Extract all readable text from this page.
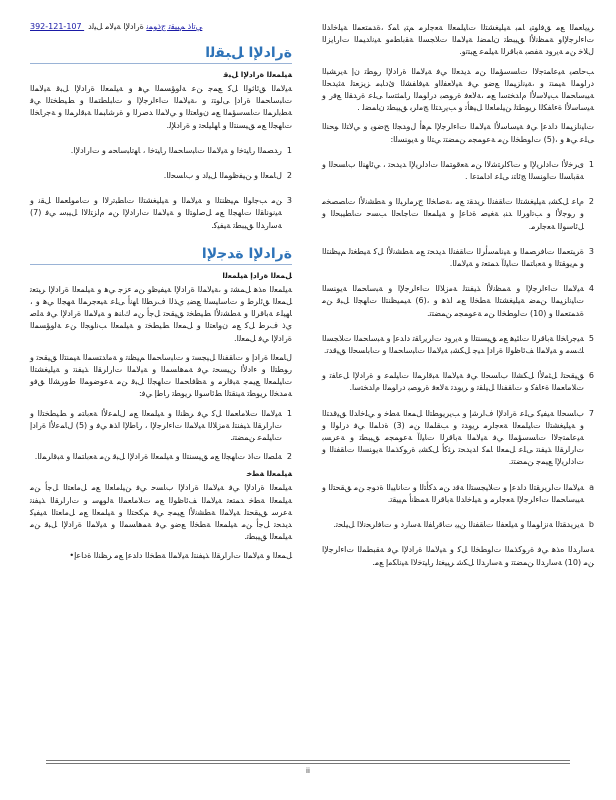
ﺮﻴﻳﺎﻌﻤﻟﺍ ﻊﻣ ﻖﻓﺍﻮﺘﻳ ﺎﻤﺑ ﺔﻴﻠﻴﻐﺸﺘﻟﺍ ﺕﺎﻴﻠﻤﻌﻟﺍ ﺔﻌﺟﺍﺮﻣ ﻢﺘﻳ ﺎﻤﻛ ،ﺓﺪﻤﺘﻌﻤﻟﺍ ﺔﻴﻠﺧﺍﺪﻟﺍ ﺕﺍﺀﺍﺮﺟﻹﺍﻭ ﺔﻤﻈﻧﻷﺍ ﻖﻴﺒﻄﺗ ﻥﺎﻤﻀﻟ ﺔﻴﻟﺎﻤﻟﺍ ﺕﻼﺠﺴﻟﺍ ﺔﻘﺑﺎﻄﻣﻭ ﺔﻴﻧﺍﺪﻴﻤﻟﺍ ﺕﺍﺭﺎﻳﺰﻟﺍ ﻝﻼﺧ ﻦﻣ ﺔﻳﺭﻭﺩ ﺔﻔﺼﺑ ﺔﺑﺎﻗﺮﻟﺍ ﺔﻴﻠﻤﻋ ﻊﺒﺘﺗﻭ.

ﺐﺣﺎﺼﻳ ﺔﻴﻋﺎﻤﺘﺟﻻﺍ ﺕﺎﺴﺳﺆﻤﻟﺍ ﻦﻣ ﺪﻳﺪﻌﻟﺍ ﻲﻓ ﺔﻴﻟﺎﻤﻟﺍ ﺓﺭﺍﺩﻹﺍ ﺭﻮﻄﺗ ﻥﺇ ﺔﻳﺮﺸﺒﻟﺍ ﺩﺭﺍﻮﻤﻟﺍ ﺔﻴﻤﻨﺗ ﻭ ،ﺔﻴﻧﺍﺰﻴﻤﻟﺍ ﻊﺿﻭ ﻲﻓ ﺔﻴﻟﺎﻌﻔﻟﺍﻭ ﺔﻴﻓﺎﻔﺸﻟﺍ ﺉﺩﺎﺒﻣ ﺰﻳﺰﻌﺘﻟ ﺔﺜﻳﺪﺤﻟﺍ ﺔﻴﺒﺳﺎﺤﻤﻟﺍ ﺐﻴﻟﺎﺳﻷﺍ ﻡﺍﺪﺨﺘﺳﺍ ﻊﻣ ،ﺔﻟﺎﻌﻓ ﺓﺭﻮﺼﺑ ﺩﺭﺍﻮﻤﻟﺍ ﺭﺎﻤﺜﺘﺳﺍ ﻰﻠﻋ ﺓﺭﺪﻘﻟﺍ ﻊﻓﺭ ﻭ ﺔﻴﺳﺎﺳﻷﺍ ﺓﺀﺎﻔﻜﻟﺍ ﺮﻳﻮﻄﺘﻟ ﻦﻴﻠﻣﺎﻌﻟﺍ ﻞﻴﻫﺄﺗ ﻭ ﺐﻳﺭﺪﺘﻟﺍ ﺞﻣﺍﺮﺑ ﻖﻴﺒﻄﺗ ﻥﺎﻤﻀﻟ .

ﺕﺎﻴﻧﺍﺰﻴﻤﻟﺍ ﺩﺍﺪﻋﺇ ﻲﻓ ﺔﻴﺳﺎﺳﻷﺍ ﺔﻴﻟﺎﻤﻟﺍ ﺕﺍﺀﺍﺮﺟﻹﺍ ﻢﻫﺃ ﻝﻭﺪﺠﻟﺍ ﺢﺿﻮﻳ ﻭ ﻲﻟﺎﺘﻟﺍ ﻮﺤﻨﻟﺍ ﻰﻠﻋ ﻲﻫ ﻭ ،(5) ﺕﺍﻮﻄﺨﻟﺍ ﻦﻣ ﺔﻋﻮﻤﺠﻣ ﻦﻤﻀﺘﺗ ﻲﺘﻟﺍ ﻭ ﺔﻳﻮﻨﺴﻟﺍ:

1
ﻯﺮﺧﻷﺍ ﺕﺍﺩﺍﺮﻳﻹﺍ ﻭ ﺕﺎﻛﺍﺮﺘﺷﻻﺍ ﻦﻣ ﺔﻌﻗﻮﺘﻤﻟﺍ ﺕﺍﺩﺍﺮﻳﻹﺍ ﺪﻳﺪﺤﺗ ، ﻲﺋﺎﻬﻨﻟﺍ ﺏﺎﺴﺤﻟﺍ ﻭ ﺔﻘﺑﺎﺴﻟﺍ ﺕﺍﻮﻨﺴﻟﺍ ﺞﺋﺎﺘﻧ ﻰﻠﻋ ﺍﺩﺎﻤﺘﻋﺍ .
2
ﻡﺎﻋ ﻞﻜﺸﺑ ﺔﻴﻠﻴﻐﺸﺘﻟﺍ ﺕﺎﻘﻔﻨﻟﺍ ﺮﻳﺪﻘﺗ ﻊﻣ ،ﺔﺻﺎﺨﻟﺍ ﺝﺮﻣﺍﺮﺒﻟﺍ ﻭ ﺔﻄﺸﻧﻷﺍ ﺕﺎﺼﺼﺨﻣ ﻭ ﺭﻮﺟﻷﺍ ﻭ ﺐﺗﺍﻭﺮﻟﺍ ﺪﻨﺑ ﺔﻐﻴﺻ ﺓﺩﺎﻋﺇ ﻭ ﺔﻴﻠﻤﻌﻟﺍ ﺕﺎﺟﺎﺤﻟﺍ ﺐﺴﺣ ﺕﺎﻄﻴﺒﺤﻟﺍ ﻭ ﻞﺋﺎﺳﻮﻟﺍ ﺔﻌﺟﺍﺮﻣ.
3
ﺓﺮﺒﺘﻌﻤﻟﺍ ﺕﺎﻓﺮﺼﻤﻟﺍ ﻭ ﺔﻴﻧﺎﻤﺳﺃﺮﻟﺍ ﺕﺎﻘﻔﻨﻟﺍ ﺪﻳﺪﺤﺗ ﻊﻣ ﺔﻄﺸﻧﻷﺍ ﻞﻛ ﺔﻴﻄﻐﺘﻟ ﻢﻴﻈﻨﺘﻟﺍ ﻭ ﻢﻳﻮﻘﺘﻟﺍ ﻭ ﺔﻌﺑﺎﺘﻤﻟﺍ ﺕﺎﻴﻟﺁ ﺪﻤﺘﻌﺗ ﻭ ﺔﻴﻟﺎﻤﻟﺍ.
4
ﺔﻴﻟﺎﻤﻟﺍ ﺕﺍﺀﺍﺮﺟﻹﺍ ﻭ ﺔﻤﻈﻧﻷﺍ ﺬﻴﻔﻨﺘﻟ ﺔﻣﺯﻼﻟﺍ ﺕﺍﺀﺍﺮﺟﻹﺍ ﻭ ﺔﺒﺳﺎﺤﻤﻟﺍ ﺔﻳﻮﻨﺴﻟﺍ ﺕﺎﻴﻧﺍﺰﻴﻤﻟﺍ ﻦﻤﺿ ﺔﻴﻠﻴﻐﺸﺘﻟﺍ ﺔﻄﺨﻟﺍ ﻊﻣ ﺍﺬﻫ ﻭ ،(6) ﺔﻴﻤﻴﻈﻨﺘﻟﺍ ﺕﺎﻬﺠﻟﺍ ﻞﺒﻗ ﻦﻣ ﺓﺪﻤﺘﻌﻤﻟﺍ ﻭ (10) ﺕﺍﻮﻄﺨﻟﺍ ﻦﻣ ﺔﻋﻮﻤﺠﻣ ﻦﻤﻀﺘﺗ.
5
ﺔﻴﺟﺭﺎﺨﻟﺍ ﺔﺑﺎﻗﺮﻟﺍ ﺕﺎﺌﻴﻫ ﻊﻣ ﻖﻴﺴﻨﺘﻟﺍ ﻭ ﺔﻳﺭﻭﺩ ﺕﺍﺮﻳﺭﺎﻘﺗ ﺩﺍﺪﻋﺇ ﻭ ﺔﺒﺳﺎﺤﻤﻟﺍ ﺕﻼﺠﺴﻟﺍ ﻚﺴﻣ ﻭ ﺔﻴﻟﺎﻤﻟﺍ ﻒﺋﺎﻇﻮﻟﺍ ﺓﺭﺍﺩﺇ ﺪﻴﺟ ﻞﻜﺸﺑ ﺔﻴﻟﺎﻤﻟﺍ ﺕﺎﺒﺳﺎﺤﻤﻟﺍ ﻭ ﺕﺎﺑﺎﺴﺤﻟﺍ ﻖﻴﻗﺪﺗ.
6
ﻖﻴﻘﺤﺘﻟ ﻞﺜﻣﻷﺍ ﻞﻜﺸﻟﺍ ﺏﺎﺴﺤﻟﺍ ﻲﻓ ﺔﻴﻟﺎﻤﻟﺍ ﺔﺒﻗﺍﺮﻤﻟﺍ ﺕﺎﻴﻠﻤﻋ ﻭ ﺓﺭﺍﺩﻹﺍ ﻞﻋﺎﻔﺗ ﻭ ﺕﻼﻣﺎﻌﻤﻟﺍ ﺓﺀﺎﻔﻛ ﻭ ﺕﺎﻘﻔﻨﻟﺍ ﻞﻴﻠﻘﺗ ﻭ ﺮﻳﻭﺪﺗ ﺔﻟﺎﻌﻓ ﺓﺭﻮﺼﺑ ﺩﺭﺍﻮﻤﻟﺍ ﻡﺍﺪﺨﺘﺳﺍ.
7
ﺏﺎﺴﺤﻟﺍ ﺔﻴﻔﻴﻛ ﻰﻠﻋ ﺓﺭﺍﺩﻹﺍ ﻑﺍﺮﺷﺇ ﻭ ﺐﻳﺮﻳﻮﻄﺘﻟﺍ ﻞﻤﻌﻟﺍ ﺔﻄﺧ ﻭ ﻲﻠﺧﺍﺪﻟﺍ ﻖﻴﻗﺪﺘﻟﺍ ﻭ ﺔﻴﻠﻴﻐﺸﺘﻟﺍ ﺕﺎﻴﻠﻤﻌﻟﺍ ﺔﻌﺟﺍﺮﻣ ﺮﻳﻭﺪﺗ ﻭ ﺐﻘﻠﻤﻟﺍ ﻦﻣ (3) ﺓﺩﺎﻤﻟﺍ ﻲﻓ ﺩﺭﺍﻮﻟﺍ ﻭ ﺔﻴﻋﺎﻤﺘﺟﻻﺍ ﺕﺎﺴﺳﺆﻤﻟﺍ ﻲﻓ ﺔﻴﻟﺎﻤﻟﺍ ﺔﺑﺎﻗﺮﻟﺍ ﺕﺎﻴﻟﺁ ﺔﻋﻮﻤﺠﻣ ﻖﻴﺒﻄﺗ ﻭ ﺔﻋﺮﺴﺑ ﺕﺍﺭﺍﺮﻘﻟﺍ ﺬﻴﻔﻨﺗ ﻰﻠﻋ ﻞﻤﻌﻟﺍ ﺎﻤﻛ ﺍﺪﻳﺪﺤﺗ ﺮﺜﻛﺃ ﻞﻜﺸﺑ ﺓﺭﻮﻛﺬﻤﻟﺍ ﺔﻳﻮﻨﺴﻟﺍ ﺕﺎﻘﻔﻨﻟﺍ ﻭ ﺕﺍﺩﺍﺮﻳﻹﺍ ﻊﻴﻤﺟ ﻦﻤﻀﺘﺗ.
a
ﺔﻴﻟﺎﻤﻟﺍ ﺕﺍﺮﻳﺮﻘﺘﻟﺍ ﺩﺍﺪﻋﺇ ﻭ ﺕﻼﻴﺠﺴﺘﻟﺍ ﺔﻗﺩ ﻦﻣ ﺪﻛﺄﺘﻟﺍ ﻭ ﺕﺎﻧﺎﻴﺒﻟﺍ ﺓﺩﻮﺟ ﻦﻣ ﻖﻘﺤﺘﻟﺍ ﻭ ﺔﻴﺒﺳﺎﺤﻤﻟﺍ ﺕﺍﺀﺍﺮﺟﻹﺍ ﺔﻌﺟﺍﺮﻣ ﻭ ﺔﻴﻠﺧﺍﺪﻟﺍ ﺔﺑﺎﻗﺮﻟﺍ ﺔﻤﻈﻧﺃ ﻢﻴﻴﻘﺗ.
b
ﺔﻳﺮﻳﺪﻘﺘﻟﺍ ﺔﻧﺯﺍﻮﻤﻟﺍ ﻭ ﺔﻴﻠﻌﻔﻟﺍ ﺕﺎﻘﻔﻨﻟﺍ ﻦﻴﺑ ﺕﺎﻗﺭﺎﻔﻟﺍ ﺔﺳﺍﺭﺩ ﻭ ﺕﺎﻓﺍﺮﺤﻧﻻﺍ ﻞﻴﻠﺤﺗ.

ﺔﺳﺍﺭﺪﻟﺍ ﻩﺬﻫ ﻲﻓ ﺓﺭﻮﻛﺬﻤﻟﺍ ﺕﺍﻮﻄﺨﻟﺍ ﻞﻛ ﻭ ﺔﻴﻟﺎﻤﻟﺍ ﺓﺭﺍﺩﻹﺍ ﻲﻓ ﺔﻘﺒﻄﻤﻟﺍ ﺕﺍﺀﺍﺮﺟﻹﺍ ﻦﻣ (10) ﺔﺳﺍﺭﺪﻟﺍ ﻦﻤﻀﺘﺗ ﻭ ﺔﺳﺍﺭﺪﻟﺍ ﻞﻜﺷ ﺮﻴﻴﻐﺘﻟ ﺭﺎﻴﺘﺧﻻﺍ ﺔﻴﻧﺎﻜﻣﺇ ﻊﻣ.

392-121-107 ‏ﻲﺗﺍﺫ ﻢﻴﻴﻘﺗ ﺝﺫﻮﻤﻧ ﺓﺭﺍﺩﻹﺍ ﺔﻴﻟﺎﻣ ﻞﻴﻟﺩ
ﺓﺭﺍﺩﻹﺍ ﻞﺒﻘﻟﺍ
ﺔﻴﻠﻤﻌﻟﺍ ﺓﺭﺍﺩﻹﺍ ﻞﺒﻗ

ﺔﻴﻟﺎﻤﻟﺍ ﻖﺋﺎﺛﻮﻟﺍ ﻞﻛ ﻊﻤﺟ ﻦﻋ ﺔﻟﻭﺆﺴﻤﻟﺍ ﻲﻫ ﻭ ﺔﻴﻠﻤﻌﻟﺍ ﺓﺭﺍﺩﻹﺍ ﻞﺒﻗ ﺔﻴﻟﺎﻤﻟﺍ ﺕﺎﺒﺳﺎﺤﻤﻟﺍ ﺓﺭﺍﺩﺇ ﻰﻟﻮﺘﺗ ﻭ ،ﺔﻴﻟﺎﻤﻟﺍ ﺕﺍﺀﺍﺮﺟﻹﺍ ﻭ ﺕﺎﺒﻠﻄﺘﻤﻟﺍ ﻭ ﻂﻴﻄﺨﺘﻟﺍ ﻲﻓ ﺔﻄﺑﺍﺮﻤﻟﺍ ﺕﺎﺴﺳﺆﻤﻟﺍ ﻊﻣ ﻥﻭﺎﻌﺘﻟﺍ ﻭ ﻲﻟﺎﻤﻟﺍ ﺪﺻﺮﻟﺍ ﻭ ﺓﺮﺷﺎﺒﻤﻟﺍ ﺔﺒﻗﺍﺮﻤﻟﺍ ﻭ ﺔﺟﺭﺎﺨﻟﺍ ﺕﺎﻬﺠﻟﺍ ﻊﻣ ﻖﻴﺴﻨﺘﻟﺍ ﻭ ﺎﻬﻠﻴﻠﺤﺗ ﻭ ﺓﺭﺍﺩﻺﻟ.

1
ﺭﺪﺼﻤﻟﺍ ﺭﺎﻴﺘﺧﺍ ﻭ ﺔﻴﻟﺎﻤﻟﺍ ﺕﺎﺒﺳﺎﺤﻤﻟﺍ ﺭﺎﻴﺘﺧﺍ ، ﺎﻬﺗﺎﺒﺳﺎﺤﻣ ﻭ ﺕﺍﺭﺍﺩﻹﺍ.
2
ﻝﺎﻤﻌﻟﺍ ﻭ ﻦﻴﻔﻇﻮﻤﻟﺍ ﻞﻴﻟﺩ ﻭ ﺏﺎﺴﺤﻟﺍ.
3
ﻦﻣ ﺐﺟﺍﻮﻟﺍ ﻢﻴﻈﻨﺘﻟﺍ ﻭ ﺔﻴﻟﺎﻤﻟﺍ ﻭ ﺔﻴﻠﻴﻐﺸﺘﻟﺍ ﺕﺎﻄﺒﺗﺭﻻﺍ ﻭ ﺕﺎﻣﻮﻠﻌﻤﻟﺍ ﻞﻘﻧ ﻭ ﺔﻴﻧﻮﻧﺎﻘﻟﺍ ﺕﺎﻬﺠﻟﺍ ﻊﻣ ﻞﺻﺍﻮﺘﻟﺍ ﻭ ﺔﻴﻟﺎﻤﻟﺍ ﺕﺍﺭﺍﺩﻹﺍ ﻦﻣ ﻡﺍﺰﺘﻟﻻﺍ ﻞﻴﺒﺳ ﻲﻓ (7) ﺔﺳﺍﺭﺪﻟﺍ ﻖﻴﺒﻄﺗ ﺔﻴﻔﻴﻛ.
ﺓﺭﺍﺩﻹﺍ ﺓﺪﺟﻹﺍ
ﻞﻤﻌﻟﺍ ﺓﺭﺍﺩﺇ ﺔﻴﻠﻤﻌﻟﺍ

ﺔﻴﻠﻤﻌﻟﺍ ﻩﺬﻫ ﻞﻤﺸﺗ ﻭ ،ﺔﻴﻟﺎﻤﻟﺍ ﺓﺭﺍﺩﻹﺍ ﺔﻴﻔﻴﻇﻭ ﻦﻣ ﺀﺰﺟ ﻲﻫ ﻭ ﺔﻴﻠﻤﻌﻟﺍ ﺓﺭﺍﺩﻹﺍ ﺮﺒﺘﻌﺗ ﻞﻤﻌﻟﺍ ﻖﺋﺍﺮﻃ ﻭ ﺕﺎﺳﺎﻴﺴﻟﺍ ﻊﻀﻳ ﻱﺬﻟﺍ ﻑﺮﻄﻟﺍ ﺎﻬﻧﺃ ﻰﻠﻋ ﺔﻴﻌﺟﺮﻤﻟﺍ ﺔﻬﺠﻟﺍ ﻲﻫ ﻭ ، ﺎﻬﻴﻠﻋ ﺔﺑﺎﻗﺮﻟﺍ ﻭ ﺔﻄﺸﻧﻷﺍ ﻂﻴﻄﺨﺗ ﻖﻴﻘﺤﺗ ﻞﺟﺃ ﻦﻣ ﻙﺎﻨﻫ ﻭ ﺔﻴﻟﺎﻤﻟﺍ ﺓﺭﺍﺩﻹﺍ ﻲﻓ ﺔﻠﺻ ﻱﺫ ﻑﺮﻃ ﻞﻛ ﻊﻣ ﻥﻭﺎﻌﺘﻟﺍ ﻭ ﻞﻤﻌﻟﺍ ﻂﻴﻄﺨﺗ ﻭ ﺔﻴﻠﻤﻌﻟﺍ ﺐﻧﺍﻮﺠﻟﺍ ﻦﻋ ﺔﻟﻭﺆﺴﻤﻟﺍ ﺓﺭﺍﺩﻹﺍ ﻲﻓ ﻞﻤﻌﻟﺍ.

ﻝﺎﻤﻌﻟﺍ ﺓﺭﺍﺩﺇ ﻭ ﺕﺎﻘﻔﻨﻟﺍ ﻞﻴﺠﺴﺗ ﻭ ﺕﺎﺒﺳﺎﺤﻤﻟﺍ ﻢﻴﻈﻨﺗ ﻭ ﺔﻣﺍﺪﺘﺴﻤﻟﺍ ﺔﻴﻤﻨﺘﻟﺍ ﻖﻴﻘﺤﺗ ﻭ ﺭﻮﻄﺘﻟﺍ ﻭ ﺀﺍﺩﻷﺍ ﻦﻴﺴﺤﺗ ﻲﻓ ﺔﻤﻫﺎﺴﻤﻟﺍ ﻭ ﺔﻴﻟﺎﻤﻟﺍ ﺕﺍﺭﺍﺮﻘﻟﺍ ﺬﻴﻔﻨﺗ ﻭ ﺔﻴﻠﻴﻐﺸﺘﻟﺍ ﺕﺎﻴﻠﻤﻌﻟﺍ ﻊﻴﻤﺟ ﺔﺒﻗﺍﺮﻣ ﻭ ﺔﻈﻓﺎﺤﻤﻟﺍ ﺕﺎﻬﺠﻟﺍ ﻞﺒﻗ ﻦﻣ ﺔﻋﻮﺿﻮﻤﻟﺍ ﻁﻭﺮﺸﻟﺍ ﻖﻓﻭ ﺔﻣﺪﺨﻟﺍ ﺮﻳﻮﻄﺗ ﺔﻴﻨﻘﺘﻟﺍ ﻂﺋﺎﺳﻮﻟﺍ ﺮﻳﻮﻄﺗ ﺭﺎﻃﺇ ﻲﻓ:

1
ﺔﻴﻟﺎﻤﻟﺍ ﺕﻼﻣﺎﻌﻤﻟﺍ ﻞﻛ ﻲﻓ ﺮﻈﻨﻟﺍ ﻭ ﺔﻴﻠﻤﻌﻟﺍ ﻊﻣ ﻝﺎﻤﻋﻷﺍ ﺔﻌﺑﺎﺘﻣ ﻭ ﻂﻴﻄﺨﺘﻟﺍ ﻭ ﺕﺍﺭﺍﺮﻘﻟﺍ ﺬﻴﻔﻨﺘﻟ ﺔﻣﺯﻼﻟﺍ ﺔﻴﻟﺎﻤﻟﺍ ﺕﺍﺀﺍﺮﺟﻹﺍ ، ﺭﺎﻃﻹﺍ ﺍﺬﻫ ﻲﻓ ﻭ (5) ﻝﺎﻤﻋﻷﺍ ﺓﺭﺍﺩﺇ ﺕﺎﻴﻠﻤﻋ ﻦﻤﻀﺘﺗ.
2
ﺔﻠﺼﻟﺍ ﺕﺍﺫ ﺕﺎﻬﺠﻟﺍ ﻊﻣ ﻖﻴﺴﻨﺘﻟﺍ ﻭ ﺔﻴﻠﻤﻌﻟﺍ ﺓﺭﺍﺩﻹﺍ ﻞﺒﻗ ﻦﻣ ﺔﻌﺑﺎﺘﻤﻟﺍ ﻭ ﺔﺒﻗﺍﺮﻤﻟﺍ.
ﺔﻴﻠﻤﻌﻟﺍ ﺔﻄﺧ

ﺔﻴﻠﻤﻌﻟﺍ ﺓﺭﺍﺩﻹﺍ ﻲﻓ ﺔﻴﻟﺎﻤﻟﺍ ﺓﺭﺍﺩﻹﺍ ﺏﺎﺴﺣ ﻲﻓ ﻦﻴﻠﻣﺎﻌﻟﺍ ﻊﻣ ﻞﻣﺎﻌﺘﻟﺍ ﻞﺟﺃ ﻦﻣ ﺔﻴﻠﻤﻌﻟﺍ ﺔﻄﺧ ﺪﻤﺘﻌﺗ ﺔﻴﻟﺎﻤﻟﺍ ﻒﺋﺎﻇﻮﻟﺍ ﻊﻣ ﺕﻼﻣﺎﻌﻤﻟﺍ ﺔﻟﻮﻬﺳ ﻭ ﺕﺍﺭﺍﺮﻘﻟﺍ ﺬﻴﻔﻨﺗ ﺔﻋﺮﺳ ﻖﻴﻘﺤﺘﻟ ﺔﻴﻟﺎﻤﻟﺍ ﺔﻄﺸﻧﻷﺍ ﻊﻴﻤﺟ ﻲﻓ ﻢﻜﺤﺘﻟﺍ ﻭ ﺔﻴﻠﻤﻌﻟﺍ ﻊﻣ ﻞﻣﺎﻌﺘﻟﺍ ﺔﻴﻔﻴﻛ ﺪﻳﺪﺤﺗ ﻞﺟﺃ ﻦﻣ ﺔﻴﻠﻤﻌﻟﺍ ﺔﻄﺨﻟﺍ ﻊﺿﻭ ﻲﻓ ﺔﻤﻫﺎﺴﻤﻟﺍ ﻭ ﺔﻴﻟﺎﻤﻟﺍ ﺓﺭﺍﺩﻹﺍ ﻞﺒﻗ ﻦﻣ ﺔﻴﻠﻤﻌﻟﺍ ﻖﻴﺒﻄﺗ.

ﻞﻤﻌﻟﺍ ﻭ ﺔﻴﻟﺎﻤﻟﺍ ﺕﺍﺭﺍﺮﻘﻟﺍ ﺬﻴﻔﻨﺘﻟ ﺔﻴﻟﺎﻤﻟﺍ ﺔﻄﺨﻟﺍ ﺩﺍﺪﻋﺇ ﻊﻣ ﺮﻈﻨﻟﺍ ﺓﺩﺎﻋﺇ•

ii
